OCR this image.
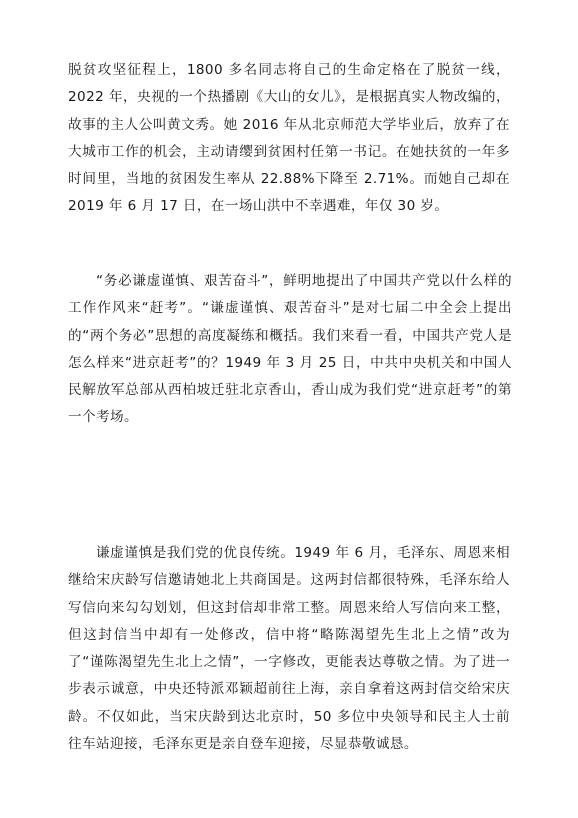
脱贫攻坚征程上，1800 多名同志将自己的生命定格在了脱贫一线，2022 年，央视的一个热播剧《大山的女儿》，是根据真实人物改编的，故事的主人公叫黄文秀。她 2016 年从北京师范大学毕业后，放弃了在大城市工作的机会，主动请缨到贫困村任第一书记。在她扶贫的一年多时间里，当地的贫困发生率从 22.88%下降至 2.71%。而她自己却在 2019 年 6 月 17 日，在一场山洪中不幸遇难，年仅 30 岁。

“务必谦虚谨慎、艰苦奋斗”，鲜明地提出了中国共产党以什么样的工作作风来“赶考”。“谦虚谨慎、艰苦奋斗”是对七届二中全会上提出的“两个务必”思想的高度凝练和概括。我们来看一看，中国共产党人是怎么样来“进京赶考”的？1949 年 3 月 25 日，中共中央机关和中国人民解放军总部从西柏坡迁驻北京香山，香山成为我们党“进京赶考”的第一个考场。

谦虚谨慎是我们党的优良传统。1949 年 6 月，毛泽东、周恩来相继给宋庆龄写信邀请她北上共商国是。这两封信都很特殊，毛泽东给人写信向来勾勾划划，但这封信却非常工整。周恩来给人写信向来工整，但这封信当中却有一处修改，信中将“略陈渴望先生北上之情”改为了“谨陈渴望先生北上之情”，一字修改，更能表达尊敬之情。为了进一步表示诚意，中央还特派邓颖超前往上海，亲自拿着这两封信交给宋庆龄。不仅如此，当宋庆龄到达北京时，50 多位中央领导和民主人士前往车站迎接，毛泽东更是亲自登车迎接，尽显恭敬诚恳。
